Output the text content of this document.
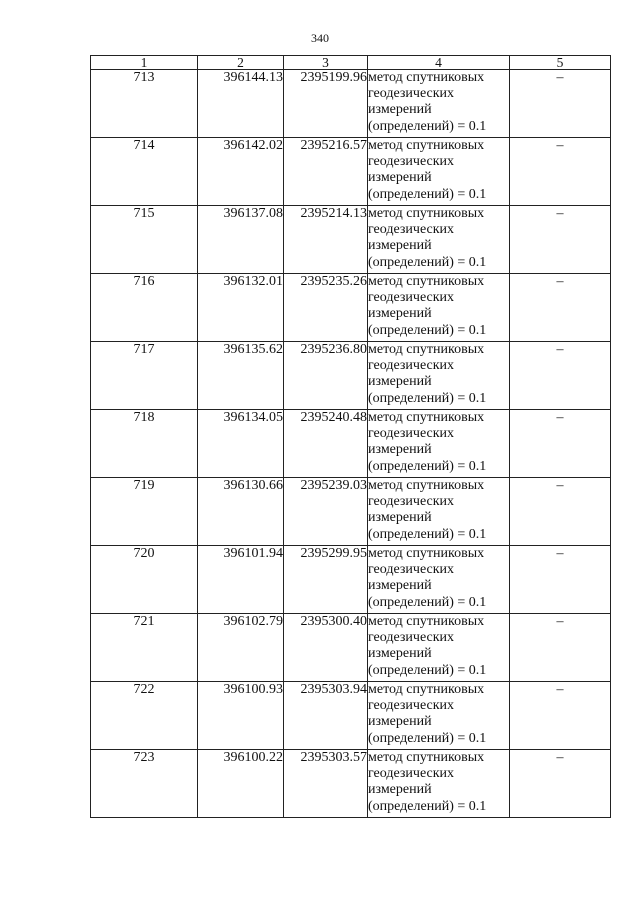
340
1	2	3	4	5
713	396144.13	2395199.96	метод спутниковых
геодезических
измерений
(определений) = 0.1	–
714	396142.02	2395216.57	метод спутниковых
геодезических
измерений
(определений) = 0.1	–
715	396137.08	2395214.13	метод спутниковых
геодезических
измерений
(определений) = 0.1	–
716	396132.01	2395235.26	метод спутниковых
геодезических
измерений
(определений) = 0.1	–
717	396135.62	2395236.80	метод спутниковых
геодезических
измерений
(определений) = 0.1	–
718	396134.05	2395240.48	метод спутниковых
геодезических
измерений
(определений) = 0.1	–
719	396130.66	2395239.03	метод спутниковых
геодезических
измерений
(определений) = 0.1	–
720	396101.94	2395299.95	метод спутниковых
геодезических
измерений
(определений) = 0.1	–
721	396102.79	2395300.40	метод спутниковых
геодезических
измерений
(определений) = 0.1	–
722	396100.93	2395303.94	метод спутниковых
геодезических
измерений
(определений) = 0.1	–
723	396100.22	2395303.57	метод спутниковых
геодезических
измерений
(определений) = 0.1	–
